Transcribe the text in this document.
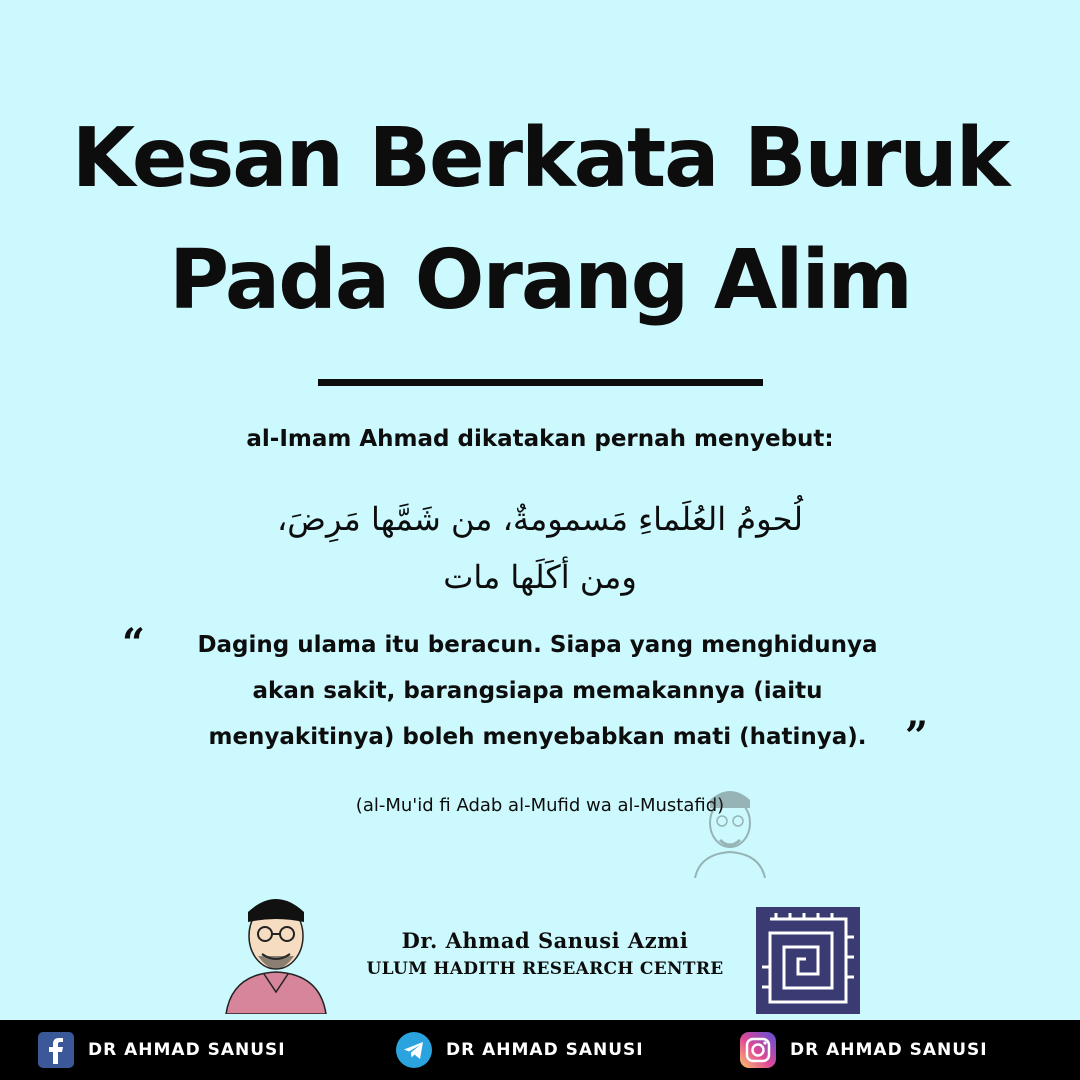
Kesan Berkata Buruk
Pada Orang Alim
al-Imam Ahmad dikatakan pernah menyebut:
لُحومُ العُلَماءِ مَسمومةٌ، من شَمَّها مَرِضَ،
ومن أكَلَها مات
“	Daging ulama itu beracun. Siapa yang menghidunya
akan sakit, barangsiapa memakannya (iaitu
menyakitinya) boleh menyebabkan mati (hatinya). ”
(al-Mu'id fi Adab al-Mufid wa al-Mustafid)
Dr. Ahmad Sanusi Azmi
ULUM HADITH RESEARCH CENTRE
DR AHMAD SANUSI	DR AHMAD SANUSI	DR AHMAD SANUSI
